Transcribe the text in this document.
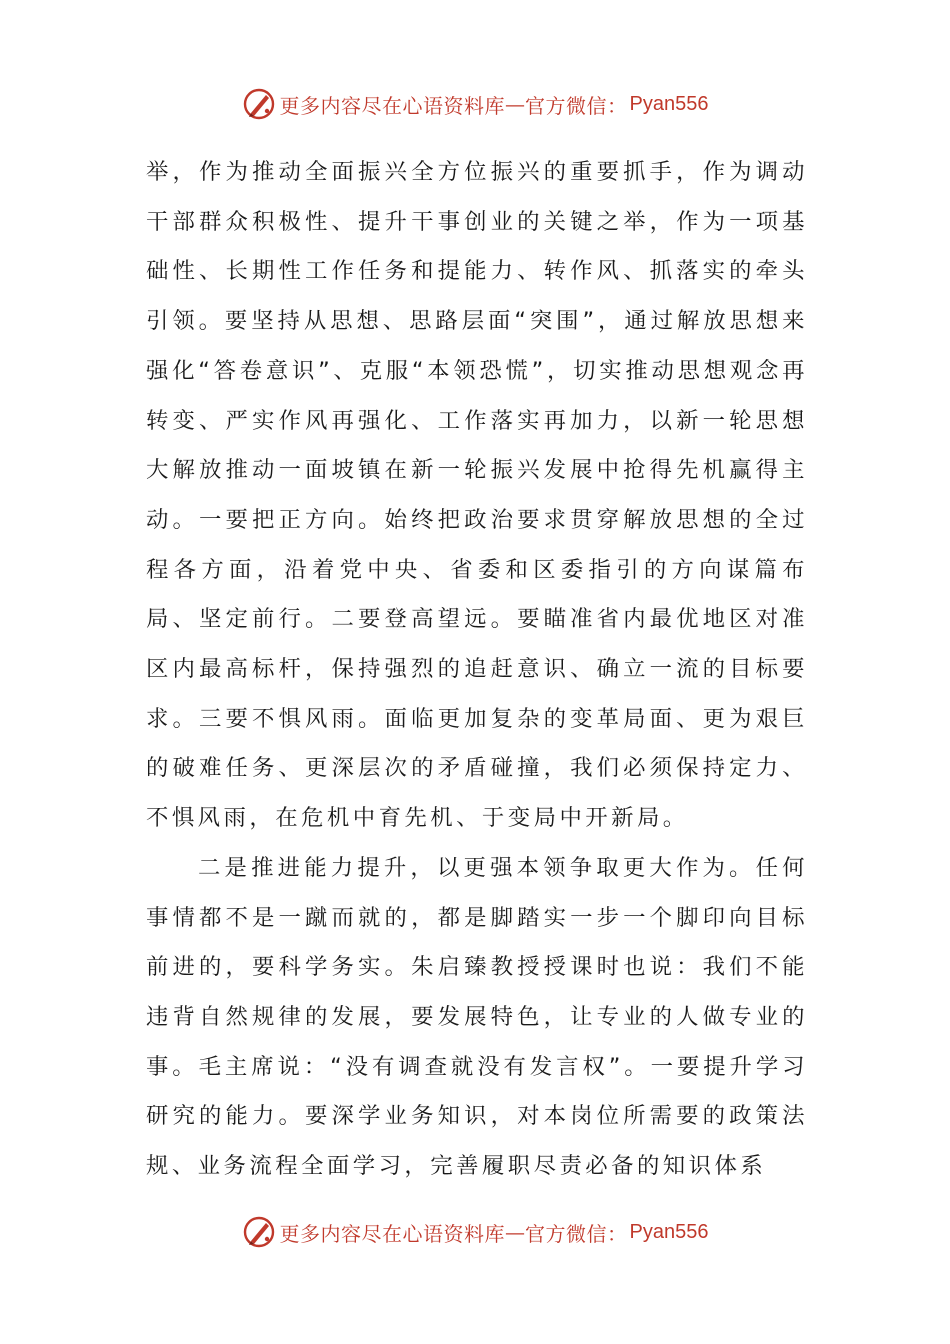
更多内容尽在心语资料库 — 官方微信： Pyan556

举，作为推动全面振兴全方位振兴的重要抓手，作为调动干部群众积极性、提升干事创业的关键之举，作为一项基础性、长期性工作任务和提能力、转作风、抓落实的牵头引领。要坚持从思想、思路层面“突围”，通过解放思想来强化“答卷意识”、克服“本领恐慌”，切实推动思想观念再转变、严实作风再强化、工作落实再加力，以新一轮思想大解放推动一面坡镇在新一轮振兴发展中抢得先机赢得主动。一要把正方向。始终把政治要求贯穿解放思想的全过程各方面，沿着党中央、省委和区委指引的方向谋篇布局、坚定前行。二要登高望远。要瞄准省内最优地区对准区内最高标杆，保持强烈的追赶意识、确立一流的目标要求。三要不惧风雨。面临更加复杂的变革局面、更为艰巨的破难任务、更深层次的矛盾碰撞，我们必须保持定力、不惧风雨，在危机中育先机、于变局中开新局。

二是推进能力提升，以更强本领争取更大作为。任何事情都不是一蹴而就的，都是脚踏实一步一个脚印向目标前进的，要科学务实。朱启臻教授授课时也说：我们不能违背自然规律的发展，要发展特色，让专业的人做专业的事。毛主席说：“没有调查就没有发言权”。一要提升学习研究的能力。要深学业务知识，对本岗位所需要的政策法规、业务流程全面学习，完善履职尽责必备的知识体系

更多内容尽在心语资料库 — 官方微信： Pyan556
